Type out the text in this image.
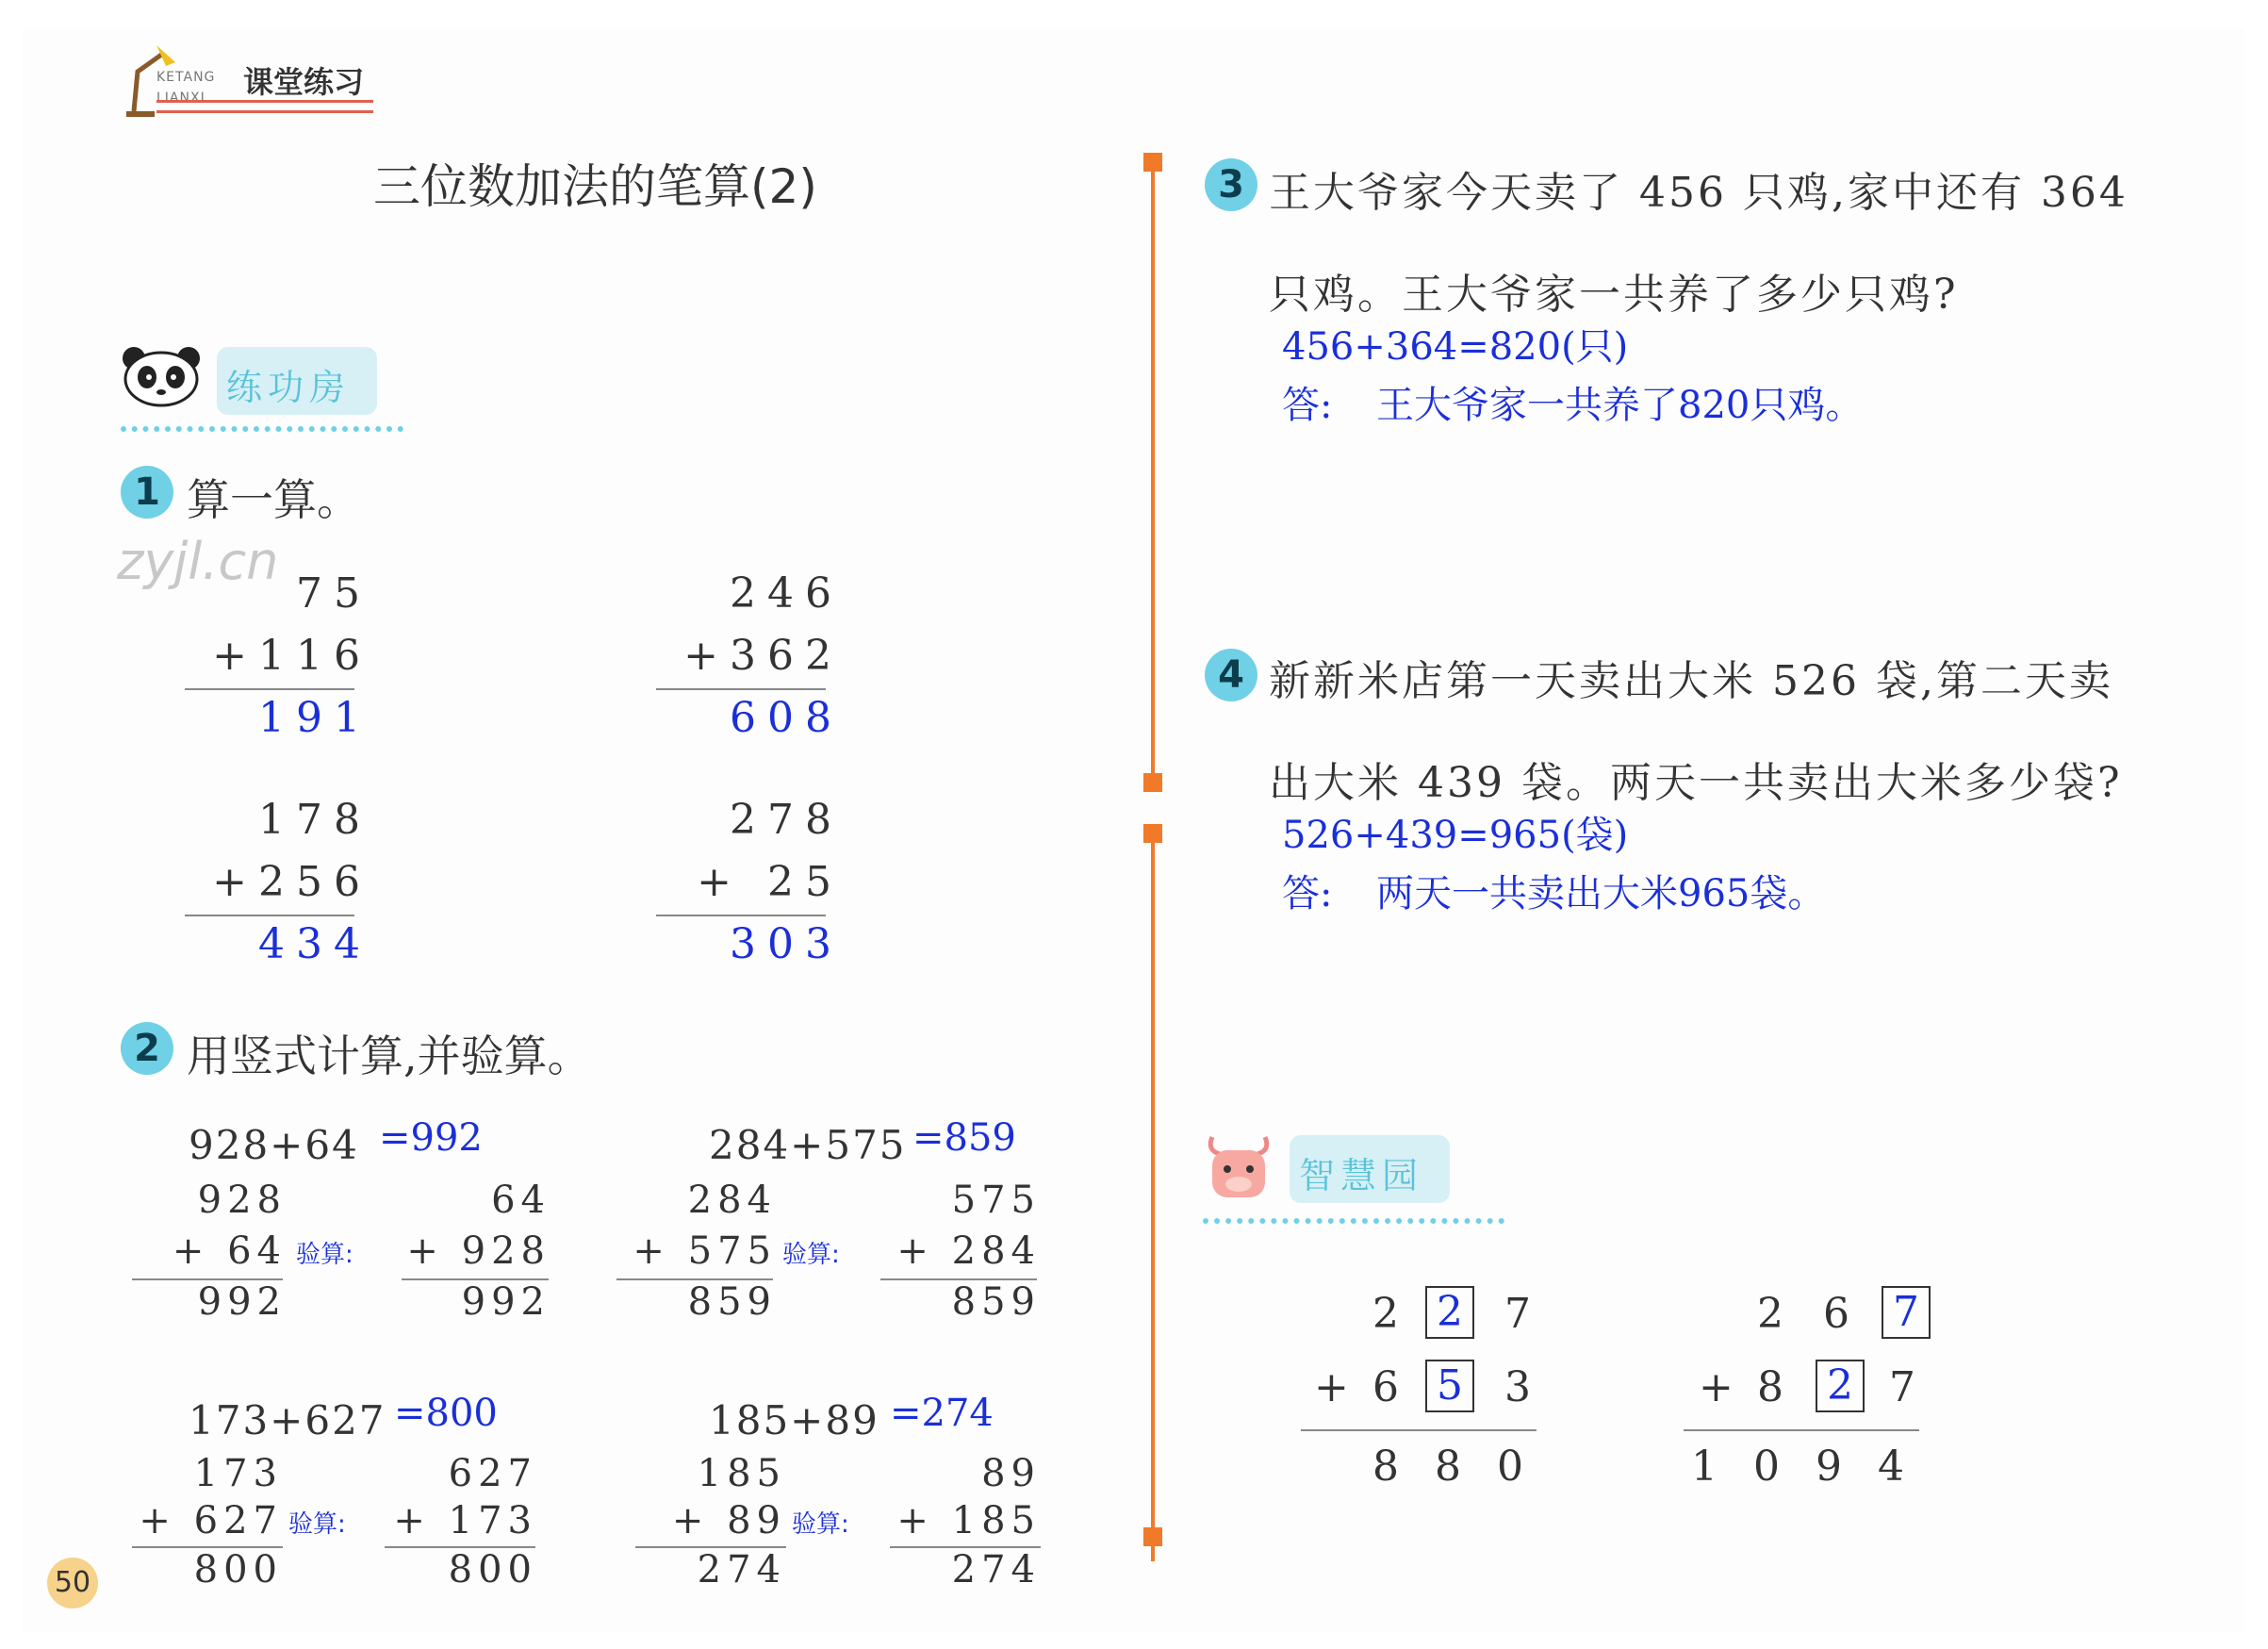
KETANG
LIANXI 课堂练习
三位数加法的笔算(2)
练功房
1 算一算。
zyjl.cn
75
+116
191
246
+362
608
178
+256
434
278
+ 25
303
2 用竖式计算,并验算。
928+64 =992
928
+ 64
992
验算:
64
+ 928
992
284+575 =859
284
+ 575
859
验算:
575
+ 284
859
173+627 =800
173
+ 627
800
验算:
627
+ 173
800
185+89 =274
185
+ 89
274
验算:
89
+ 185
274
50
3 王大爷家今天卖了 456 只鸡,家中还有 364
只鸡。王大爷家一共养了多少只鸡?
456+364=820(只)
答: 王大爷家一共养了820只鸡。
4 新新米店第一天卖出大米 526 袋,第二天卖
出大米 439 袋。两天一共卖出大米多少袋?
526+439=965(袋)
答: 两天一共卖出大米965袋。
智慧园
2 2 7
+ 6 5 3
8 8 0
2 6 7
+ 8 2 7
1 0 9 4
